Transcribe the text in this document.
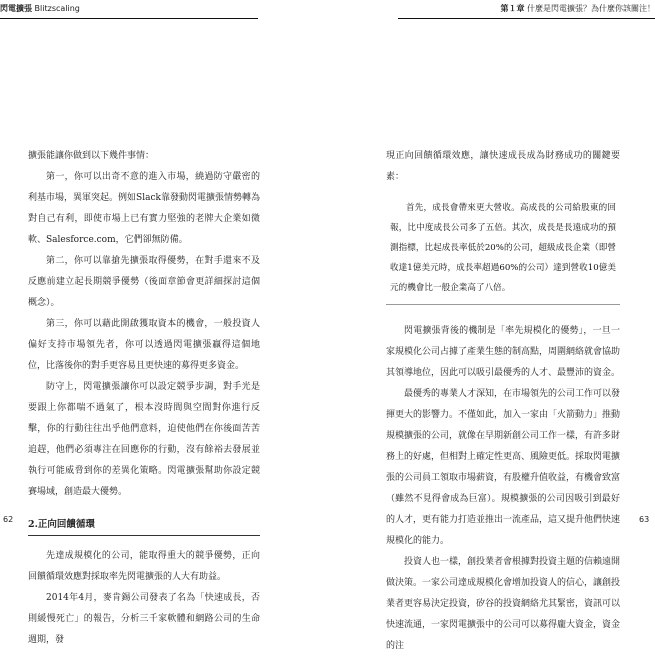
閃電擴張 Blitzscaling	第１章 什麼是閃電擴張？為什麼你該關注！

擴張能讓你做到以下幾件事情：

第一，你可以出奇不意的進入市場，繞過防守嚴密的利基市場，異軍突起。例如Slack靠發動閃電擴張情勢轉為對自己有利，即使市場上已有實力堅強的老牌大企業如微軟、Salesforce.com，它們卻無防備。

第二，你可以靠搶先擴張取得優勢，在對手還來不及反應前建立起長期競爭優勢（後面章節會更詳細探討這個概念）。

第三，你可以藉此開啟獲取資本的機會，一般投資人偏好支持市場領先者，你可以透過閃電擴張贏得這個地位，比落後你的對手更容易且更快速的募得更多資金。

防守上，閃電擴張讓你可以設定競爭步調，對手光是要跟上你都喘不過氣了，根本沒時間與空間對你進行反擊，你的行動往往出乎他們意料，迫使他們在你後面苦苦追趕，他們必須專注在回應你的行動，沒有餘裕去發展並執行可能威脅到你的差異化策略。閃電擴張幫助你設定競賽場域，創造最大優勢。

2.正向回饋循環

先達成規模化的公司，能取得重大的競爭優勢，正向回饋循環效應對採取率先閃電擴張的人大有助益。

2014年4月，麥肯錫公司發表了名為「快速成長，否則緩慢死亡」的報告，分析三千家軟體和網路公司的生命週期，發

現正向回饋循環效應，讓快速成長成為財務成功的關鍵要素：

首先，成長會帶來更大營收。高成長的公司給股東的回報，比中度成長公司多了五倍。其次，成長是長遠成功的預測指標，比起成長率低於20%的公司，超級成長企業（即營收達1億美元時，成長率超過60%的公司）達到營收10億美元的機會比一般企業高了八倍。

閃電擴張背後的機制是「率先規模化的優勢」，一旦一家規模化公司占據了產業生態的制高點，周圍網絡就會協助其領導地位，因此可以吸引最優秀的人才、最豐沛的資金。

最優秀的專業人才深知，在市場領先的公司工作可以發揮更大的影響力。不僅如此，加入一家由「火箭動力」推動規模擴張的公司，就像在早期新創公司工作一樣，有許多財務上的好處，但相對上確定性更高、風險更低。採取閃電擴張的公司員工領取市場薪資，有股權升值收益，有機會致富（雖然不見得會成為巨富）。規模擴張的公司因吸引到最好的人才，更有能力打造並推出一流產品，這又提升他們快速規模化的能力。

投資人也一樣，創投業者會根據對投資主題的信賴遠開做決策。一家公司達成規模化會增加投資人的信心，讓創投業者更容易決定投資，矽谷的投資網絡尤其緊密，資訊可以快速流通，一家閃電擴張中的公司可以募得龐大資金，資金的注

62	63
